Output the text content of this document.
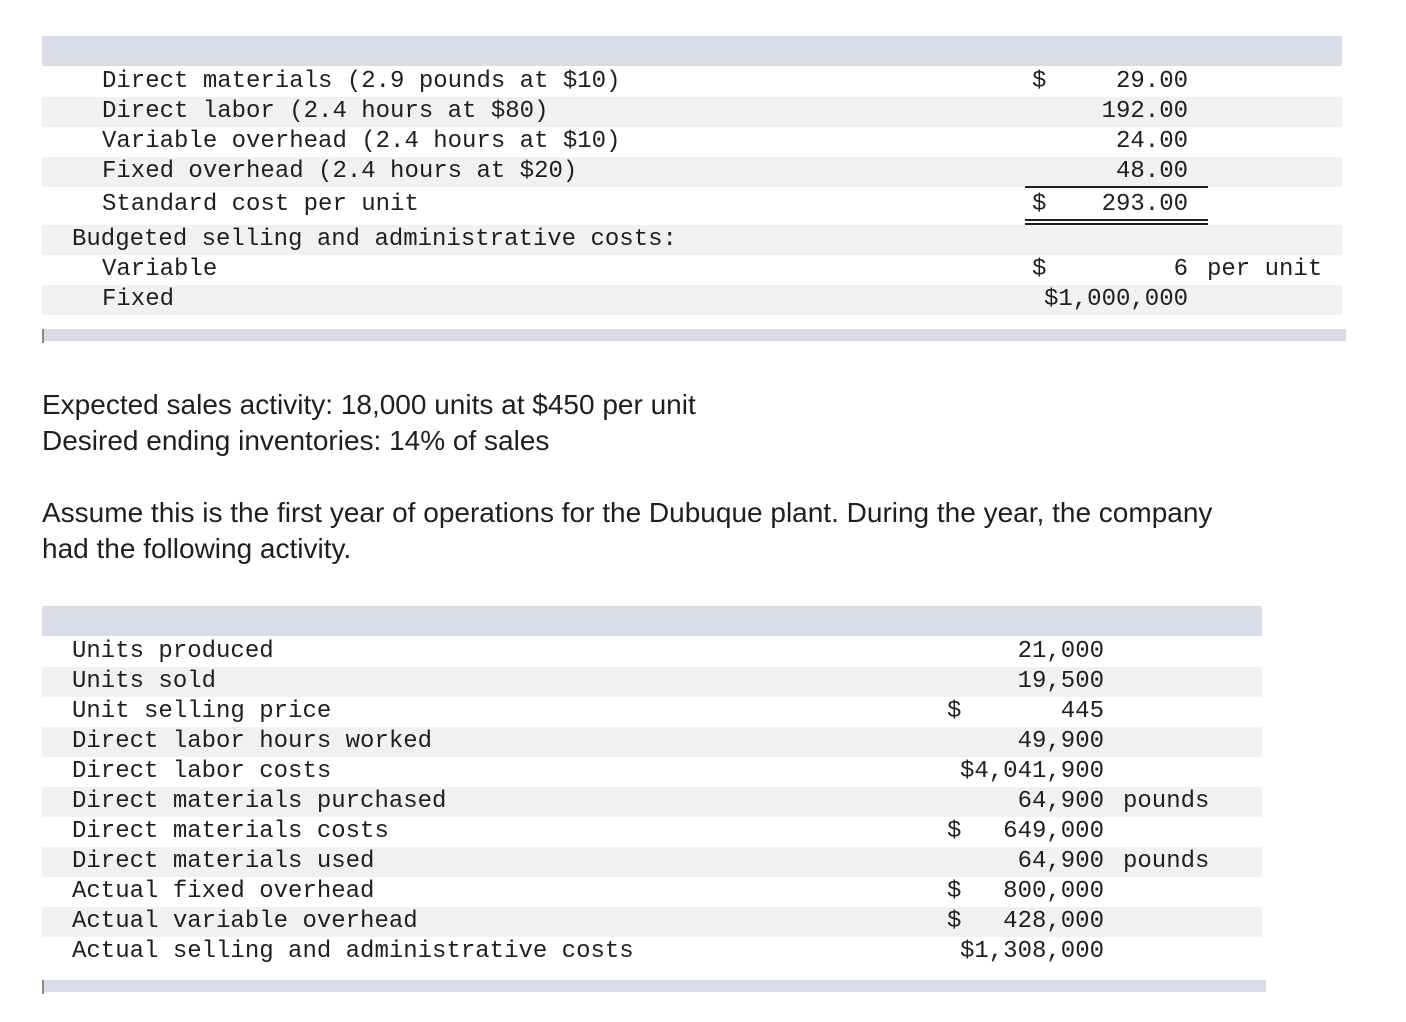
Direct materials (2.9 pounds at $10)	$	29.00
Direct labor (2.4 hours at $80)	192.00
Variable overhead (2.4 hours at $10)	24.00
Fixed overhead (2.4 hours at $20)	48.00
Standard cost per unit	$	293.00
Budgeted selling and administrative costs:
Variable	$	6 per unit
Fixed	$1,000,000
Expected sales activity: 18,000 units at $450 per unit
Desired ending inventories: 14% of sales
Assume this is the first year of operations for the Dubuque plant. During the year, the company
had the following activity.
Units produced	21,000
Units sold	19,500
Unit selling price	$	445
Direct labor hours worked	49,900
Direct labor costs	$4,041,900
Direct materials purchased	64,900 pounds
Direct materials costs	$	649,000
Direct materials used	64,900 pounds
Actual fixed overhead	$	800,000
Actual variable overhead	$	428,000
Actual selling and administrative costs	$1,308,000
